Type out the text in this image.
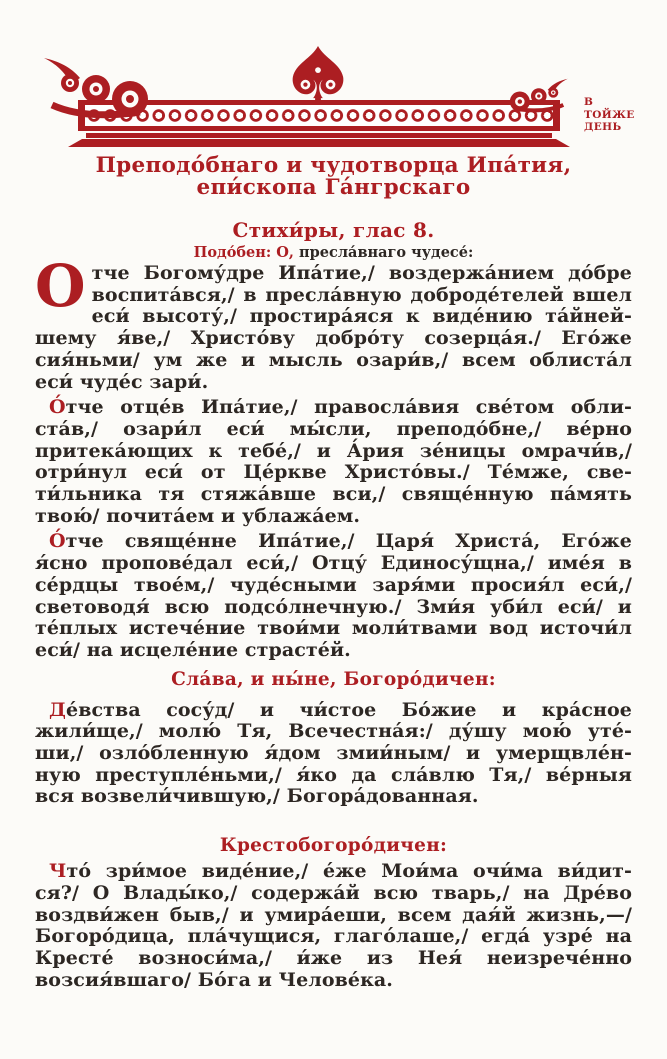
В
ТОЙЖЕ
ДЕНЬ
Преподо́бнаго и чудотворца Ипа́тия,
епи́скопа Га́нгрскаго
Стихи́ры, глас 8.
Подо́бен: О, пресла́внаго чудесе́:
О тче Богому́дре Ипа́тие,/ воздержа́нием до́бре
воспита́вся,/ в пресла́вную доброде́телей вшел
еси́ высоту́,/ простира́яся к виде́нию та́йней-
шему я́ве,/ Христо́ву добро́ту созерца́я./ Его́же
сия́ньми/ ум же и мысль озари́в,/ всем облиста́л
еси́ чуде́с зари́.
О́тче отце́в Ипа́тие,/ правосла́вия све́том обли-
ста́в,/ озари́л еси́ мы́сли, преподо́бне,/ ве́рно
притека́ющих к тебе́,/ и А́рия зе́ницы омрачи́в,/
отри́нул еси́ от Це́ркве Христо́вы./ Те́мже, све-
ти́льника тя стяжа́вше вси,/ свяще́нную па́мять
твою́/ почита́ем и ублажа́ем.
О́тче свяще́нне Ипа́тие,/ Царя́ Христа́, Его́же
я́сно пропове́дал еси́,/ Отцу́ Единосу́щна,/ име́я в
се́рдцы твое́м,/ чуде́сными заря́ми просия́л еси́,/
световодя́ всю подсо́лнечную./ Зми́я уби́л еси́/ и
те́плых истече́ние твои́ми моли́твами вод источи́л
еси́/ на исцеле́ние страсте́й.
Сла́ва, и ны́не, Богоро́дичен:
Де́вства сосу́д/ и чи́стое Бо́жие и кра́сное
жили́ще,/ молю́ Тя, Всечестна́я:/ ду́шу мою́ уте́-
ши,/ озло́бленную я́дом змии́ным/ и умерщвле́н-
ную преступле́ньми,/ я́ко да сла́влю Тя,/ ве́рныя
вся возвели́чившую,/ Богора́дованная.
Крестобогоро́дичен:
Что́ зри́мое виде́ние,/ е́же Мои́ма очи́ма ви́дит-
ся?/ О Влады́ко,/ содержа́й всю тварь,/ на Дре́во
воздви́жен быв,/ и умира́еши, всем дая́й жизнь,—/
Богоро́дица, пла́чущися, глаго́лаше,/ егда́ узре́ на
Кресте́ возноси́ма,/ и́же из Нея́ неизрече́нно
возсия́вшаго/ Бо́га и Челове́ка.
